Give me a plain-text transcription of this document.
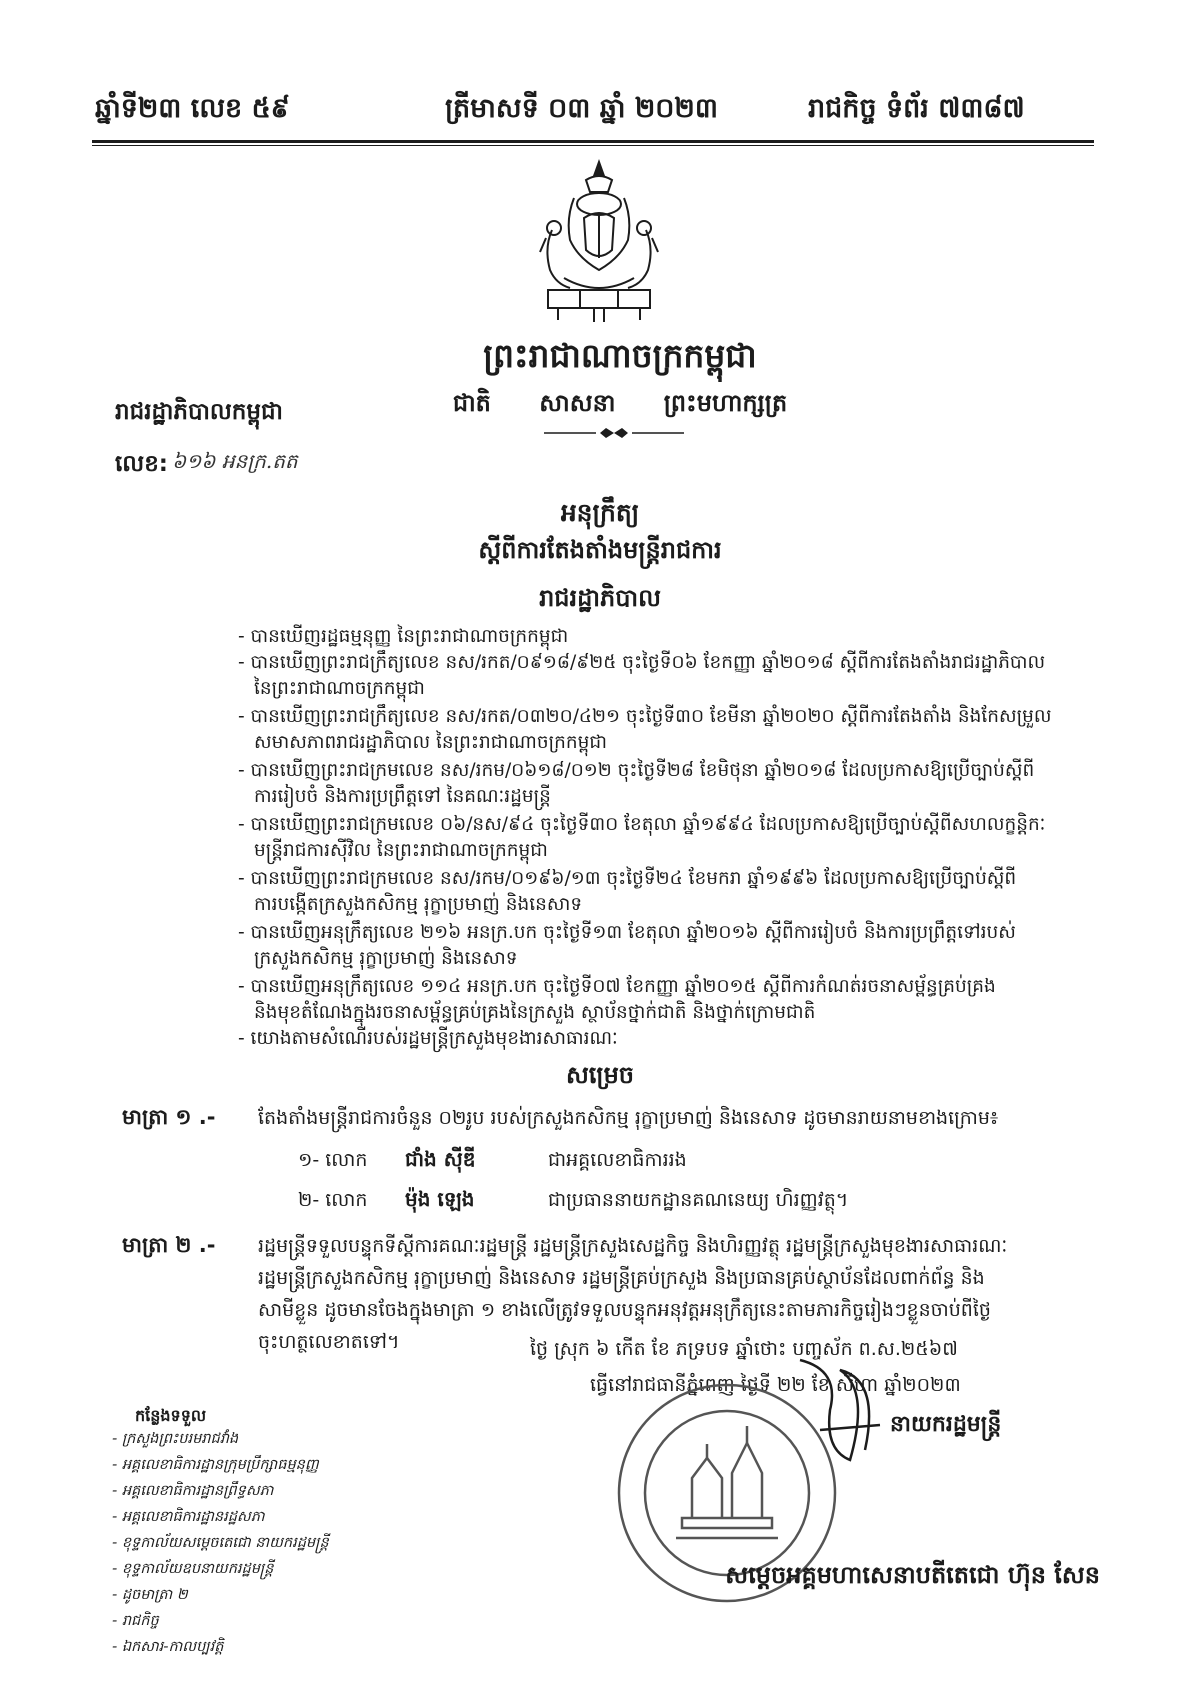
ឆ្នាំទី២៣ លេខ ៥៩	ត្រីមាសទី ០៣ ឆ្នាំ ២០២៣	រាជកិច្ច ទំព័រ ៧៣៨៧
ព្រះរាជាណាចក្រកម្ពុជា
ជាតិ សាសនា ព្រះមហាក្សត្រ
រាជរដ្ឋាភិបាលកម្ពុជា
លេខ: ៦១៦ អនក្រ.តត
អនុក្រឹត្យ
ស្តីពីការតែងតាំងមន្ត្រីរាជការ
រាជរដ្ឋាភិបាល
- បានឃើញរដ្ឋធម្មនុញ្ញ នៃព្រះរាជាណាចក្រកម្ពុជា
- បានឃើញព្រះរាជក្រឹត្យលេខ នស/រកត/០៩១៨/៩២៥ ចុះថ្ងៃទី០៦ ខែកញ្ញា ឆ្នាំ២០១៨ ស្តីពីការតែងតាំងរាជរដ្ឋាភិបាល
នៃព្រះរាជាណាចក្រកម្ពុជា
- បានឃើញព្រះរាជក្រឹត្យលេខ នស/រកត/០៣២០/៤២១ ចុះថ្ងៃទី៣០ ខែមីនា ឆ្នាំ២០២០ ស្តីពីការតែងតាំង និងកែសម្រួល
សមាសភាពរាជរដ្ឋាភិបាល នៃព្រះរាជាណាចក្រកម្ពុជា
- បានឃើញព្រះរាជក្រមលេខ នស/រកម/០៦១៨/០១២ ចុះថ្ងៃទី២៨ ខែមិថុនា ឆ្នាំ២០១៨ ដែលប្រកាសឱ្យប្រើច្បាប់ស្តីពី
ការរៀបចំ និងការប្រព្រឹត្តទៅ នៃគណៈរដ្ឋមន្ត្រី
- បានឃើញព្រះរាជក្រមលេខ ០៦/នស/៩៤ ចុះថ្ងៃទី៣០ ខែតុលា ឆ្នាំ១៩៩៤ ដែលប្រកាសឱ្យប្រើច្បាប់ស្តីពីសហលក្ខន្តិកៈ
មន្ត្រីរាជការស៊ីវិល នៃព្រះរាជាណាចក្រកម្ពុជា
- បានឃើញព្រះរាជក្រមលេខ នស/រកម/០១៩៦/១៣ ចុះថ្ងៃទី២៤ ខែមករា ឆ្នាំ១៩៩៦ ដែលប្រកាសឱ្យប្រើច្បាប់ស្តីពី
ការបង្កើតក្រសួងកសិកម្ម រុក្ខាប្រមាញ់ និងនេសាទ
- បានឃើញអនុក្រឹត្យលេខ ២១៦ អនក្រ.បក ចុះថ្ងៃទី១៣ ខែតុលា ឆ្នាំ២០១៦ ស្តីពីការរៀបចំ និងការប្រព្រឹត្តទៅរបស់
ក្រសួងកសិកម្ម រុក្ខាប្រមាញ់ និងនេសាទ
- បានឃើញអនុក្រឹត្យលេខ ១១៤ អនក្រ.បក ចុះថ្ងៃទី០៧ ខែកញ្ញា ឆ្នាំ២០១៥ ស្តីពីការកំណត់រចនាសម្ព័ន្ធគ្រប់គ្រង
និងមុខតំណែងក្នុងរចនាសម្ព័ន្ធគ្រប់គ្រងនៃក្រសួង ស្ថាប័នថ្នាក់ជាតិ និងថ្នាក់ក្រោមជាតិ
- យោងតាមសំណើរបស់រដ្ឋមន្ត្រីក្រសួងមុខងារសាធារណៈ
សម្រេច
មាត្រា ១ .- តែងតាំងមន្ត្រីរាជការចំនួន ០២រូប របស់ក្រសួងកសិកម្ម រុក្ខាប្រមាញ់ និងនេសាទ ដូចមានរាយនាមខាងក្រោម៖
១- លោក ជាំង ស៊ីឌី	ជាអគ្គលេខាធិការរង
២- លោក ម៉ុង ឡេង	ជាប្រធាននាយកដ្ឋានគណនេយ្យ ហិរញ្ញវត្ថុ។
មាត្រា ២ .- រដ្ឋមន្ត្រីទទួលបន្ទុកទីស្តីការគណៈរដ្ឋមន្ត្រី រដ្ឋមន្ត្រីក្រសួងសេដ្ឋកិច្ច និងហិរញ្ញវត្ថុ រដ្ឋមន្ត្រីក្រសួងមុខងារសាធារណៈ
រដ្ឋមន្ត្រីក្រសួងកសិកម្ម រុក្ខាប្រមាញ់ និងនេសាទ រដ្ឋមន្ត្រីគ្រប់ក្រសួង និងប្រធានគ្រប់ស្ថាប័នដែលពាក់ព័ន្ធ និង
សាមីខ្លួន ដូចមានចែងក្នុងមាត្រា ១ ខាងលើត្រូវទទួលបន្ទុកអនុវត្តអនុក្រឹត្យនេះតាមភារកិច្ចរៀងៗខ្លួនចាប់ពីថ្ងៃ
ចុះហត្ថលេខាតទៅ។	ថ្ងៃ ស្រុក ៦ កើត ខែ ភទ្របទ ឆ្នាំថោះ បញ្ចស័ក ព.ស.២៥៦៧
ធ្វើនៅរាជធានីភ្នំពេញ ថ្ងៃទី ២២ ខែ សីហា ឆ្នាំ២០២៣
នាយករដ្ឋមន្ត្រី
សម្តេចអគ្គមហាសេនាបតីតេជោ ហ៊ុន សែន
កន្លែងទទួល
- ក្រសួងព្រះបរមរាជវាំង
- អគ្គលេខាធិការដ្ឋានក្រុមប្រឹក្សាធម្មនុញ្ញ
- អគ្គលេខាធិការដ្ឋានព្រឹទ្ធសភា
- អគ្គលេខាធិការដ្ឋានរដ្ឋសភា
- ខុទ្ទកាល័យសម្តេចតេជោ នាយករដ្ឋមន្ត្រី
- ខុទ្ទកាល័យឧបនាយករដ្ឋមន្ត្រី
- ដូចមាត្រា ២
- រាជកិច្ច
- ឯកសារ-កាលប្បវត្តិ
